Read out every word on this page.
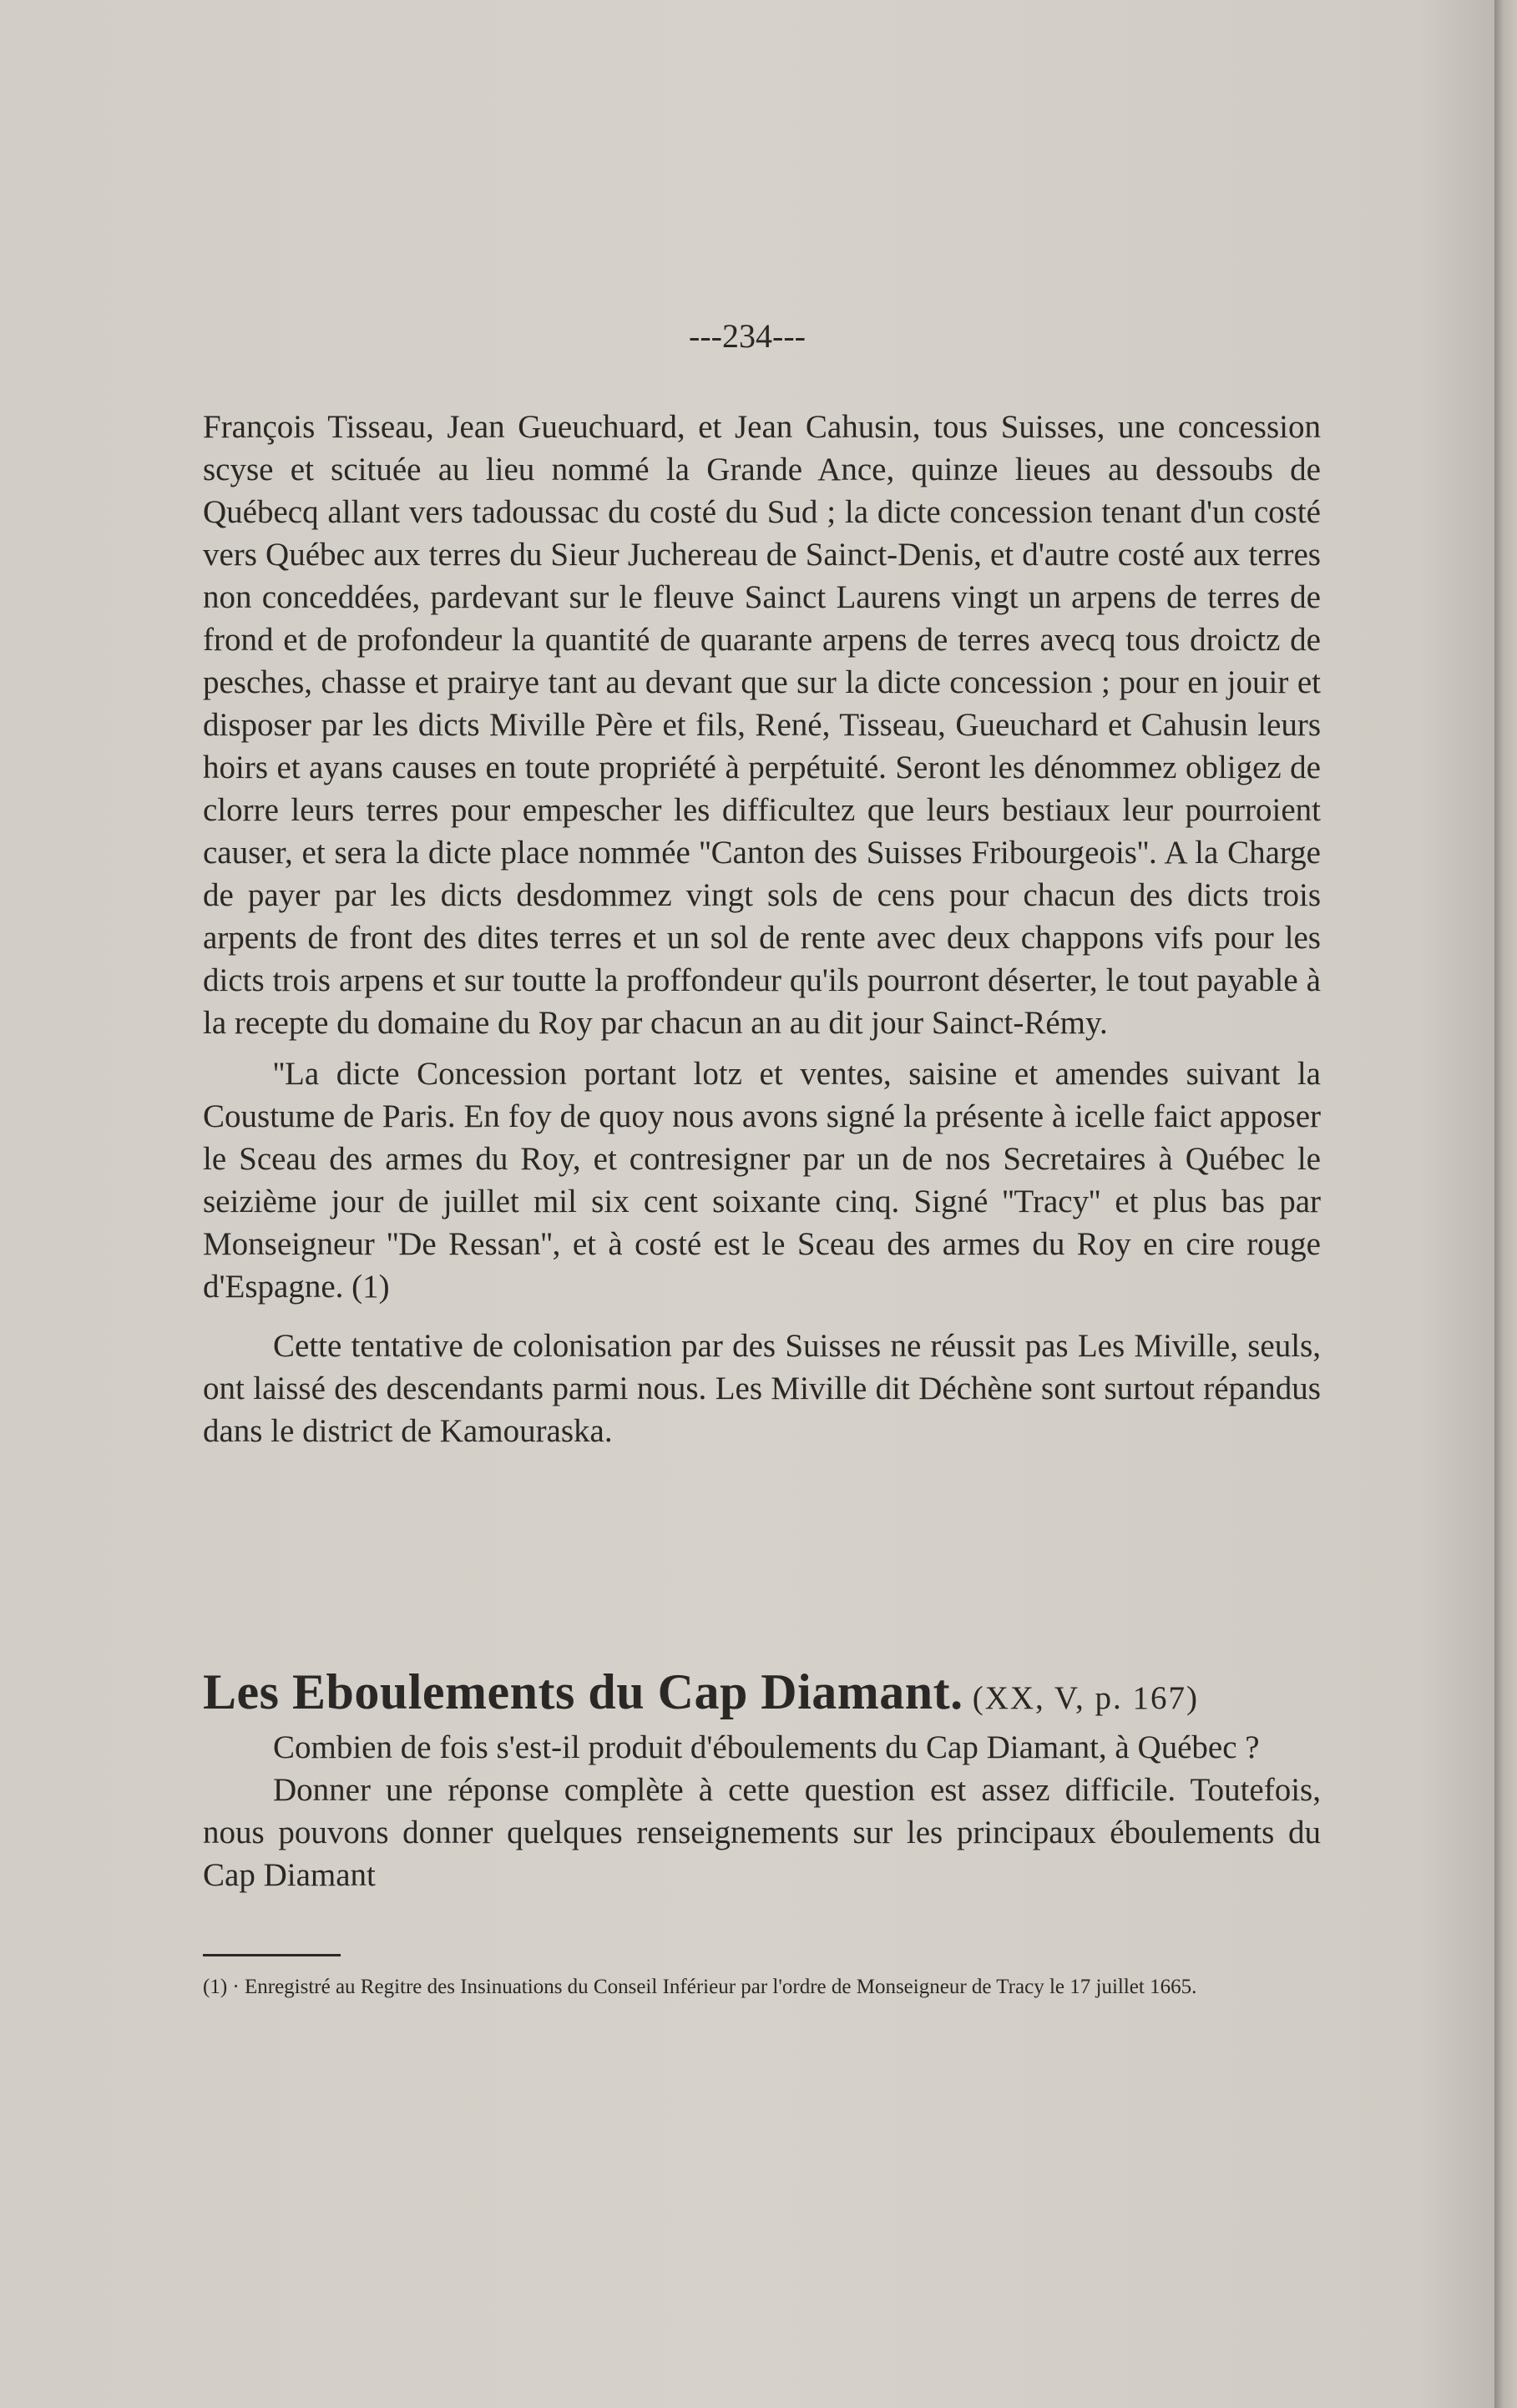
---234---

François Tisseau, Jean Gueuchuard, et Jean Cahusin, tous Suisses, une concession scyse et scituée au lieu nommé la Grande Ance, quinze lieues au dessoubs de Québecq allant vers tadoussac du costé du Sud ; la dicte concession tenant d'un costé vers Québec aux terres du Sieur Juchereau de Sainct-Denis, et d'autre costé aux terres non conceddées, pardevant sur le fleuve Sainct Laurens vingt un arpens de terres de frond et de profondeur la quantité de quarante arpens de terres avecq tous droictz de pesches, chasse et prairye tant au devant que sur la dicte concession ; pour en jouir et disposer par les dicts Miville Père et fils, René, Tisseau, Gueuchard et Cahusin leurs hoirs et ayans causes en toute propriété à perpétuité. Seront les dénommez obligez de clorre leurs terres pour empescher les difficultez que leurs bestiaux leur pourroient causer, et sera la dicte place nommée ''Canton des Suisses Fribourgeois''. A la Charge de payer par les dicts desdommez vingt sols de cens pour chacun des dicts trois arpents de front des dites terres et un sol de rente avec deux chappons vifs pour les dicts trois arpens et sur toutte la proffondeur qu'ils pourront déserter, le tout payable à la recepte du domaine du Roy par chacun an au dit jour Sainct-Rémy.

''La dicte Concession portant lotz et ventes, saisine et amendes suivant la Coustume de Paris. En foy de quoy nous avons signé la présente à icelle faict apposer le Sceau des armes du Roy, et contresigner par un de nos Secretaires à Québec le seizième jour de juillet mil six cent soixante cinq. Signé ''Tracy'' et plus bas par Monseigneur ''De Ressan'', et à costé est le Sceau des armes du Roy en cire rouge d'Espagne. (1)

Cette tentative de colonisation par des Suisses ne réussit pas Les Miville, seuls, ont laissé des descendants parmi nous. Les Miville dit Déchène sont surtout répandus dans le district de Kamouraska.

Les Eboulements du Cap Diamant. (XX, V, p. 167)

Combien de fois s'est-il produit d'éboulements du Cap Diamant, à Québec ?

Donner une réponse complète à cette question est assez difficile. Toutefois, nous pouvons donner quelques renseignements sur les principaux éboulements du Cap Diamant

(1) · Enregistré au Regitre des Insinuations du Conseil Inférieur par l'ordre de Monseigneur de Tracy le 17 juillet 1665.
